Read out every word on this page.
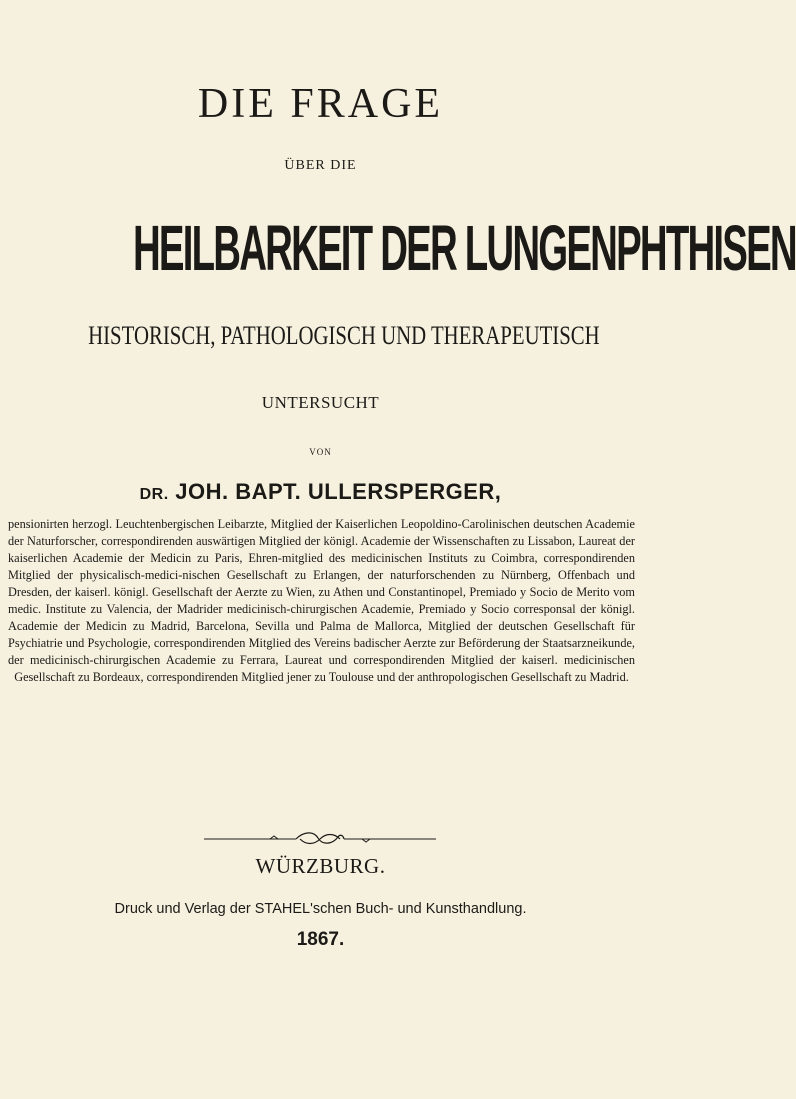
DIE FRAGE
ÜBER DIE
HEILBARKEIT DER LUNGENPHTHISEN
HISTORISCH, PATHOLOGISCH UND THERAPEUTISCH
UNTERSUCHT
VON
DR. JOH. BAPT. ULLERSPERGER,
pensionirten herzogl. Leuchtenbergischen Leibarzte, Mitglied der Kaiserlichen Leopoldino-Carolinischen deutschen Academie der Naturforscher, correspondirenden auswärtigen Mitglied der königl. Academie der Wissenschaften zu Lissabon, Laureat der kaiserlichen Academie der Medicin zu Paris, Ehren-mitglied des medicinischen Instituts zu Coimbra, correspondirenden Mitglied der physicalisch-medici-nischen Gesellschaft zu Erlangen, der naturforschenden zu Nürnberg, Offenbach und Dresden, der kaiserl. königl. Gesellschaft der Aerzte zu Wien, zu Athen und Constantinopel, Premiado y Socio de Merito vom medic. Institute zu Valencia, der Madrider medicinisch-chirurgischen Academie, Premiado y Socio corresponsal der königl. Academie der Medicin zu Madrid, Barcelona, Sevilla und Palma de Mallorca, Mitglied der deutschen Gesellschaft für Psychiatrie und Psychologie, correspondirenden Mitglied des Vereins badischer Aerzte zur Beförderung der Staatsarzneikunde, der medicinisch-chirurgischen Academie zu Ferrara, Laureat und correspondirenden Mitglied der kaiserl. medicinischen Gesellschaft zu Bordeaux, correspondirenden Mitglied jener zu Toulouse und der anthropologischen Gesellschaft zu Madrid.
WÜRZBURG.
Druck und Verlag der STAHEL'schen Buch- und Kunsthandlung.
1867.
